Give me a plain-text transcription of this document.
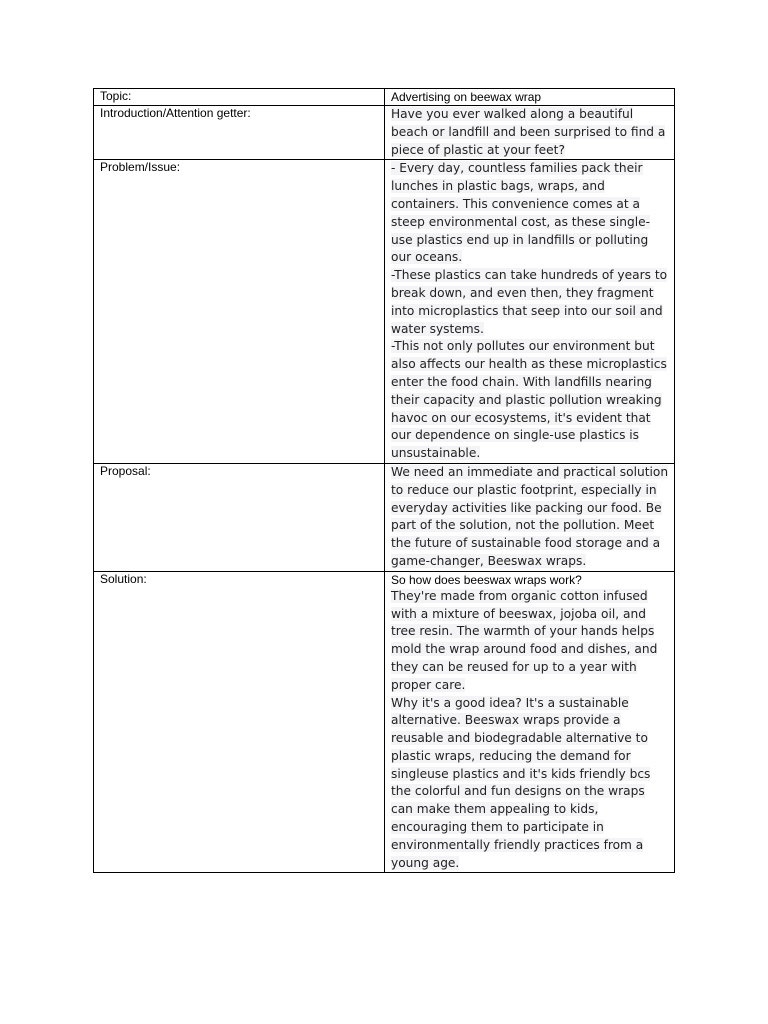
Topic:	Advertising on beewax wrap

Introduction/Attention getter:	Have you ever walked along a beautiful beach or landfill and been surprised to find a piece of plastic at your feet?

Problem/Issue:	- Every day, countless families pack their lunches in plastic bags, wraps, and containers. This convenience comes at a steep environmental cost, as these single-use plastics end up in landfills or polluting our oceans.
-These plastics can take hundreds of years to break down, and even then, they fragment into microplastics that seep into our soil and water systems.
-This not only pollutes our environment but also affects our health as these microplastics enter the food chain. With landfills nearing their capacity and plastic pollution wreaking havoc on our ecosystems, it's evident that our dependence on single-use plastics is unsustainable.

Proposal:	We need an immediate and practical solution to reduce our plastic footprint, especially in everyday activities like packing our food. Be part of the solution, not the pollution. Meet the future of sustainable food storage and a game-changer, Beeswax wraps.

Solution:	So how does beeswax wraps work?
They're made from organic cotton infused with a mixture of beeswax, jojoba oil, and tree resin. The warmth of your hands helps mold the wrap around food and dishes, and they can be reused for up to a year with proper care.
Why it's a good idea? It's a sustainable alternative. Beeswax wraps provide a reusable and biodegradable alternative to plastic wraps, reducing the demand for singleuse plastics and it's kids friendly bcs the colorful and fun designs on the wraps can make them appealing to kids, encouraging them to participate in environmentally friendly practices from a young age.
